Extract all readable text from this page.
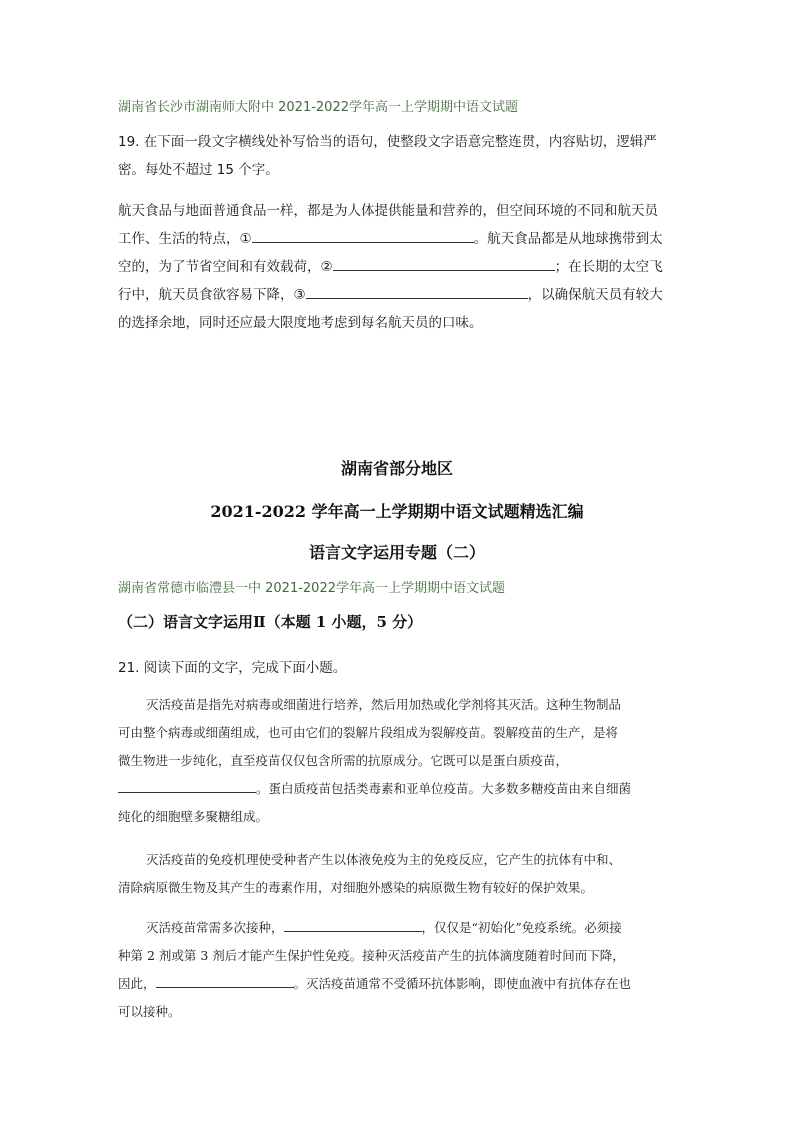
湖南省长沙市湖南师大附中 2021-2022学年高一上学期期中语文试题
19. 在下面一段文字横线处补写恰当的语句，使整段文字语意完整连贯，内容贴切，逻辑严
密。每处不超过 15 个字。
航天食品与地面普通食品一样，都是为人体提供能量和营养的，但空间环境的不同和航天员
工作、生活的特点，①	。航天食品都是从地球携带到太
空的，为了节省空间和有效载荷，②	；在长期的太空飞
行中，航天员食欲容易下降，③	，以确保航天员有较大
的选择余地，同时还应最大限度地考虑到每名航天员的口味。
湖南省部分地区
2021-2022 学年高一上学期期中语文试题精选汇编
语言文字运用专题（二）
湖南省常德市临澧县一中 2021-2022学年高一上学期期中语文试题
（二）语言文字运用Ⅱ（本题 1 小题，5 分）
21. 阅读下面的文字，完成下面小题。
灭活疫苗是指先对病毒或细菌进行培养，然后用加热或化学剂将其灭活。这种生物制品
可由整个病毒或细菌组成，也可由它们的裂解片段组成为裂解疫苗。裂解疫苗的生产，是将
微生物进一步纯化，直至疫苗仅仅包含所需的抗原成分。它既可以是蛋白质疫苗，
。蛋白质疫苗包括类毒素和亚单位疫苗。大多数多糖疫苗由来自细菌
纯化的细胞壁多聚糖组成。
灭活疫苗的免疫机理使受种者产生以体液免疫为主的免疫反应，它产生的抗体有中和、
清除病原微生物及其产生的毒素作用，对细胞外感染的病原微生物有较好的保护效果。
灭活疫苗常需多次接种，	，仅仅是“初始化”免疫系统。必须接
种第 2 剂或第 3 剂后才能产生保护性免疫。接种灭活疫苗产生的抗体滴度随着时间而下降，
因此，	。灭活疫苗通常不受循环抗体影响，即使血液中有抗体存在也
可以接种。
